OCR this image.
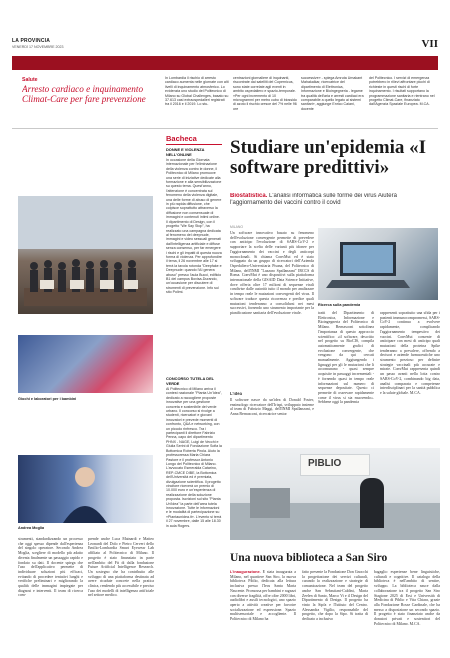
LA PROVINCIA
VENERDÌ 17 NOVEMBRE 2023	VII
Salute
Arresto cardiaco e inquinamento Climat-Care per fare prevenzione
In Lombardia il rischio di arresto cardiaco aumenta nelle giornate con alti livelli di inquinamento atmosferico. Lo evidenzia uno studio del Politecnico di Milano su Global Challenges, basato su 37.613 casi extraospedalieri registrati tra il 2016 e il 2019. Lo stu-
centrazioni giornaliere di inquinanti, riscontrate dai satelliti del Copernicus, sono state correlate agli eventi in ambito ospedaliero e spazio-temporale. «Per ogni incremento di 10 microgrammi per metro cubo di biossido di azoto il rischio cresce del 7% nelle 96 ore
successive» - spiega Amruta Umakant Mahakalkar, ricercatrice del dipartimento di Elettronica, Informazione e Bioingegneria - legame tra qualità dell'aria e arresti cardiaci era comparabile a quello legato ai sistemi sanitari», aggiunge Enrico Caiani, docente
del Politecnico. I servizi di emergenza potrebbero in rilievi affrontare picchi di richieste in questi rischi di forte inquinamento. I risultati supportano la programmazione sanitaria e rientrano nel progetto Climat-Care, finanziato dall'Agenzia Spaziale Europea. M.CA.
Giochi e laboratori per i bambini
Andrea Moglia
strumenti, standardizzando un processo che oggi spesso dipende dall'esperienza del singolo operatore. Secondo Andrea Moglia, scegliere di modello più adatto diventa finalmente un passaggio rapido e fondato su dati. Il docente spiega che l'uso dell'applicativo permette di individuare soluzioni più efficaci, evitando di procedere tentativi lunghi e verifiche preliminari e migliorando la qualità delle immagini impiegate per diagnosi e interventi. Il team di ricerca com-
prende anche Luca Mainardi e Matteo Leonardi del Dolo e Pietro Cerveri dello Emilio-Lombardia Smart Eyewear Lab affiliato al Politecnico di Milano. Il progetto è stato finanziato in parte nell'ambito del Fit di dalla fondazione Future Artificial Intelligence Research. Un sostegno che ha contribuito alle sviluppo di una piattaforma destinata ad avere ricadute concrete nella pratica clinica, rendendo più accessibile e preciso l'uso dei modelli di intelligenza artificiale nel settore medico.
Bacheca
DONNE E VIOLENZA NELL'ONLINE
In occasione della Giornata internazionale per l'eliminazione della violenza contro le donne, il Politecnico di Milano promuove una serie di iniziative dedicate alla formazione e alla sensibilizzazione su questo tema. Quest'anno, l'attenzione è concentrata sul fenomeno della violenza digitale, una delle forme di abuso di genere in più rapida diffusione, che colpisce soprattutto attraverso la diffusione non consensuale di immagini e contenuti intimi online. Il dipartimento di Design, con il progetto "We Say Stop", ha realizzato una campagna dedicata al fenomeno del deepnude, immagini e video sessuali generati dall'intelligenza artificiale e diffuse senza consenso, per far emergere i rischi e gli impatti di questa nuova forma di violenza. Per approfondire il tema, il 26 novembre alle 17 si terrà la tavola rotonda "Deepfake e Deepnude: quando l'AI genera abuso" presso l'aula Bucci, edificio B1 del campus Bovisa-Durando, un'occasione per discutere di strumenti di prevenzione. Info sul sito Polimi.
CONCORSO TUTELA DEL VERDE
Al Politecnico di Milano arriva il contest nazionale "Pianta Un'Idea", dedicato a raccogliere proposte innovative per una gestione concreta e sostenibile del verde urbano. Il concorso si rivolge a studenti, ricercatori e giovani innovatori e prevede momenti di confronto, Q&A e networking, con un piccolo rinfresco. Tra i partecipanti il direttore Fabrizio Penna, capo del dipartimento PHNX - NAGE, Luigi de Vecchi e Giulia Serini di Fondazione Sofia la Bottomica Roberta Pirola. Aiuto la professoressa Maria Chiara Pastore e il professor Antonio Longo del Politecnico di Milano. L'avvocato Esmeralda Catarino, REP-CMCE DIBE, la Bottomica dell'Università ed è premiata, divulgazione scientifica. Il progetto vincitore riceverà un premio di 10.000 euro e un'esperienza di realizzazione della soluzione proposta. Iscrizioni sul sito "Pianta Un'Idea" la parte dell'area tutela innovazione. Tutte le informazioni e le modalità di partecipazione su «Piantaunidea.it». L'evento si terrà il 27 novembre, dalle 15 alle 18.30 in aula Rogers.
Studiare un'epidemia «I software predittivi»
Biostatistica. L'analisi informatica sulle forme dei virus Aiuterà l'aggiornamento dei vaccini contro il covid
MILANO
Un software innovativo basato su fenomeno dell'evoluzione convergente permette di prevedere con anticipo l'evoluzione di SARS-CoV-2 e supportare la scelta delle varianti più idonee per l'aggiornamento dei vaccini e degli anticorpi monoclonali. Si chiama ConvMut ed è stato sviluppato da un gruppo di ricercatori dell'Azienda Ospedaliero-Universitaria Pisana, del Politecnico di Milano, dell'INMI "Lazzaro Spallanzani" IRCCS di Roma. ConvMut è uno dispositivi sulla piattaforma internazionale della GISAID Data Science Initiative, dove offerta oltre 17 milioni di sequenze virali condivise dalle autorità tutto il mondo per analizzare in tempo reale le mutazioni convergenti del virus. Il software traduce questa ricorrenza e predice quali mutazioni tenderanno a consolidarsi nei mesi successivi, fornendo uno strumento importante per la pianificazione sanitaria dell'evoluzione virale.
L'idea
Il software nasce da un'idea di Donald Foster, enzimologo ricercatore dell'Irispi, sviluppato insieme al team di Fabrizio Maggi, dell'INMI Spallanzani, e Anna Bernasconi, ricercatrice senior
Ricerca sulla pandemia
tratti del Dipartimento di Elettronica, Informazione e Bioingegneria del Politecnico di Milano. Bernasconi sottolinea l'importanza di questo approccio scientifico: «il software, descritto nel progetto su BioCIS, compila automaticamente grafici di evoluzione convergente, che vengono da qui cercati manualmente. Aggiungendo i lignaggi per gli le mutazioni che li accomunano - quasi sempre acquisite in passaggi incrementali - è fornendo quasi in tempo reale informazioni sul numero di sequenze depositate. Questo ci permette di osservare rapidamente come il virus si sta muovendo». Sebbene oggi la pandemia
rappresenti soprattutto una sfida per i pazienti immunocompromessi, SARS-CoV-2 continua a evolvere rapidamente, complicando l'aggiornamento tempestivo dei vaccini. ConvMut consente di anticipare con mesi di anticipo quali mutazioni della proteina Spike tenderanno a prevalere, offrendo a decisori e aziende farmaceutiche uno strumento prezioso per definire strategie vaccinali più accurate e mirate. ConvMut rappresenta quindi un passo avanti nella lotta contro SARS-CoV-2, combinando big data, analisi comparata e competenze interdisciplinari per la sanità pubblica e la salute globale. M.CA.
PIBLIO
Una nuova biblioteca a San Siro
L'inaugurazione. È stata inaugurata a Milano, nel quartiere San Siro, la nuova biblioteca Piblio, dedicata alla lettura inclusiva presso l'Ieos Santa Maria Nascente. Promossa per bambini e ragazzi con diverse fragilità, offre oltre 2000 libri, audiolibri e ausili tecnologici, uno spazio aperto a attività creative per favorire socializzazione ed espressione. Spazio multisensoriale e accogliente. Il Politecnico di Milano ha
fatto presente la Fondazione Don Gnocchi la progettazione dei servizi culturali, curando la realizzazione e strategie di comunicazione. Nel team del progetto anche San Sebastiani-Caldini, Maria Zeelen di Santo, Marco Vi e il Design del Dipartimento di Design. Il progetto ha vinto la Sipfa e l'Istituto del Centro. Alessandra Vigilio, responsabile del progetto, che dopo la Sipo. Si tratta di dedicato a inclusivo
bagaglio esperienze bene linguistiche, culturali e cognitive. Il catalogo della biblioteca è nell'ambito di sentire, sviluppo. La biblioteca nasce dalla collaborazione tra il progetto San Siro Stagione 2025 di Ersi e Università di Medicina di Piblio e Vita Chiara, grazie alla Fondazione Rosse Cardinale, che ha messo a disposizione un secondo spazio. Il progetto è stato finanziato anche da donatori privati e sostenitori del Politecnico di Milano. M.CA.
